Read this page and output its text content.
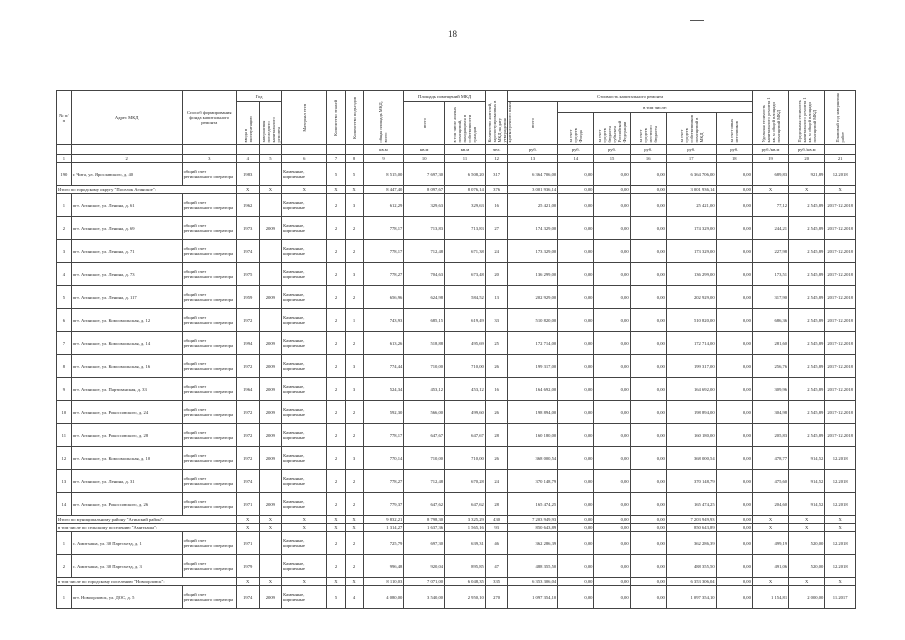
18
№ п/п	Адрес МКД	Способ формирования фонда капитального ремонта	Год		Материал стен	Количество этажей	Количество подъездов	общая площадь МКД, всего	Площадь помещений МКД		Количество жителей, зарегистрированных в МКД на дату утверждения краткосрочного плана	Стоимость капитального ремонта						Удельная стоимость капитального ремонта 1 кв. м общей площади помещений МКД	Предельная стоимость капитального ремонта 1 кв. м общей площади помещений МКД	Плановый год завершения работ

			ввода в эксплуатацию	завершения последнего капитального ремонта					всего	в том числе жилых помещений, находящихся в собственности граждан		всего	в том числе:							

													за счет средств Фонда	за счет средств бюджета субъекта Российской Федерации	за счет средств местного бюджета	за счет средств собственников помещений в МКД	за счет иных источников			

								кв.м	кв.м	кв.м	чел.	руб.	руб.	руб.	руб.	руб.	руб.	руб./кв.м	руб./кв.м	
1	2	3	4	5	6	7	8	9	10	11	12	13	14	15	16	17	18	19	20	21
190	г. Чита, ул. Ярославского, д. 40	общий счет регионального оператора	1983		Каменные, кирпичные	5	5	8 515,00	7 697,30	6 508,20	317	6 364 706,00	0,00	0,00	0,00	6 364 706,00	0,00	689,83	921,89	12.2018
Итого по городскому округу "Поселок Агинское":			X	X	X	X	X	8 447,40	8 097,67	8 076,14	376	3 001 936,14	0,00	0,00	0,00	3 001 936,14	0,00	X	X	X
1	пгт. Агинское, ул. Ленина, д. 61	общий счет регионального оператора	1962		Каменные, кирпичные	2	3	612,29	329,63	329,63	16	25 421,00	0,00	0,00	0,00	25 421,00	0,00	77,12	2 545,89	2017-12.2018
2	пгт. Агинское, ул. Ленина, д. 69	общий счет регионального оператора	1973	2009	Каменные, кирпичные	2	2	778,17	713,83	713,83	27	174 329,00	0,00	0,00	0,00	174 329,00	0,00	244,21	2 545,89	2017-12.2018
3	пгт. Агинское, ул. Ленина, д. 71	общий счет регионального оператора	1974		Каменные, кирпичные	2	2	778,17	712,48	671,38	24	173 329,00	0,00	0,00	0,00	173 329,00	0,00	227,98	2 545,89	2017-12.2018
4	пгт. Агинское, ул. Ленина, д. 73	общий счет регионального оператора	1975		Каменные, кирпичные	2	3	778,27	704,63	673,48	20	136 299,00	0,00	0,00	0,00	136 299,00	0,00	173,51	2 545,89	2017-12.2018
5	пгт. Агинское, ул. Ленина, д. 117	общий счет регионального оператора	1959	2009	Каменные, кирпичные	2	2	656,96	624,98	584,52	13	202 929,00	0,00	0,00	0,00	202 929,00	0,00	317,90	2 545,89	2017-12.2018
6	пгт. Агинское, ул. Комсомольская, д. 12	общий счет регионального оператора	1972		Каменные, кирпичные	2	1	743,93	685,15	619,49	33	510 820,00	0,00	0,00	0,00	510 820,00	0,00	686,36	2 545,89	2017-12.2018
7	пгт. Агинское, ул. Комсомольская, д. 14	общий счет регионального оператора	1994	2009	Каменные, кирпичные	2	2	613,26	518,88	495,69	25	172 714,00	0,00	0,00	0,00	172 714,00	0,00	281,60	2 545,89	2017-12.2018
8	пгт. Агинское, ул. Комсомольская, д. 16	общий счет регионального оператора	1972	2009	Каменные, кирпичные	2	3	774,44	710,00	710,00	26	199 317,00	0,00	0,00	0,00	199 317,00	0,00	256,76	2 545,89	2017-12.2018
9	пгт. Агинское, ул. Партизанская, д. 33	общий счет регионального оператора	1964	2009	Каменные, кирпичные	2	3	524,34	453,12	453,12	16	164 692,00	0,00	0,00	0,00	164 692,00	0,00	309,96	2 545,89	2017-12.2018
10	пгт. Агинское, ул. Рокоссовского, д. 24	общий счет регионального оператора	1972	2009	Каменные, кирпичные	2	2	592,30	566,00	499,60	26	198 894,00	0,00	0,00	0,00	198 894,00	0,00	304,98	2 545,89	2017-12.2018
11	пгт. Агинское, ул. Рокоссовского, д. 28	общий счет регионального оператора	1972	2009	Каменные, кирпичные	2	2	778,17	647,67	647,67	28	160 180,00	0,00	0,00	0,00	160 180,00	0,00	205,83	2 545,89	2017-12.2018
12	пгт. Агинское, ул. Комсомольская, д. 10	общий счет регионального оператора	1972	2009	Каменные, кирпичные	2	3	770,14	710,00	710,00	26	368 000,54	0,00	0,00	0,00	368 000,54	0,00	478,77	914,52	12.2018
13	пгт. Агинское, ул. Ленина, д. 31	общий счет регионального оператора	1974		Каменные, кирпичные	2	2	778,27	712,48	670,28	24	370 148,79	0,00	0,00	0,00	370 148,79	0,00	475,60	914,52	12.2018
14	пгт. Агинское, ул. Рокоссовского, д. 26	общий счет регионального оператора	1971	2009	Каменные, кирпичные	2	2	779,37	647,62	647,62	28	165 474,25	0,00	0,00	0,00	165 474,25	0,00	204,60	914,52	12.2018
Итого по муниципальному району "Агинский район":			X	X	X	X	X	9 832,21	8 798,30	3 325,29	430	7 203 949,93	0,00	0,00	0,00	7 203 949,93	0,00	X	X	X
в том числе по сельскому поселению "Амитхаша":			X	X	X	X	X	1 314,27	1 637,36	1 565,16	93	850 643,89	0,00	0,00	0,00	850 643,89	0,00	X	X	X
1	с. Амитхаша, ул. 30 Партсъезд, д. 1	общий счет регионального оператора	1971		Каменные, кирпичные	2	2	725,79	697,30	639,31	46	362 286,39	0,00	0,00	0,00	362 286,39	0,00	499,19	520,00	12.2018
2	с. Амитхаша, ул. 30 Партсъезд, д. 3	общий счет регионального оператора	1979		Каменные, кирпичные	2	2	996,48	920,04	895,85	47	488 355,50	0,00	0,00	0,00	488 355,50	0,00	491,06	520,00	12.2018
в том числе по городскому поселению "Новоорловск":			X	X	X	X	X	8 110,03	7 071,00	6 048,35	335	6 353 306,04	0,00	0,00	0,00	6 353 306,04	0,00	X	X	X
1	пгт. Новоорловск, ул. ДОС, д. 5	общий счет регионального оператора	1974	2009	Каменные, кирпичные	5	4	4 080,00	3 540,00	2 950,10	270	1 097 354,10	0,00	0,00	0,00	1 097 354,10	0,00	1 154,81	2 000,00	11.2017
